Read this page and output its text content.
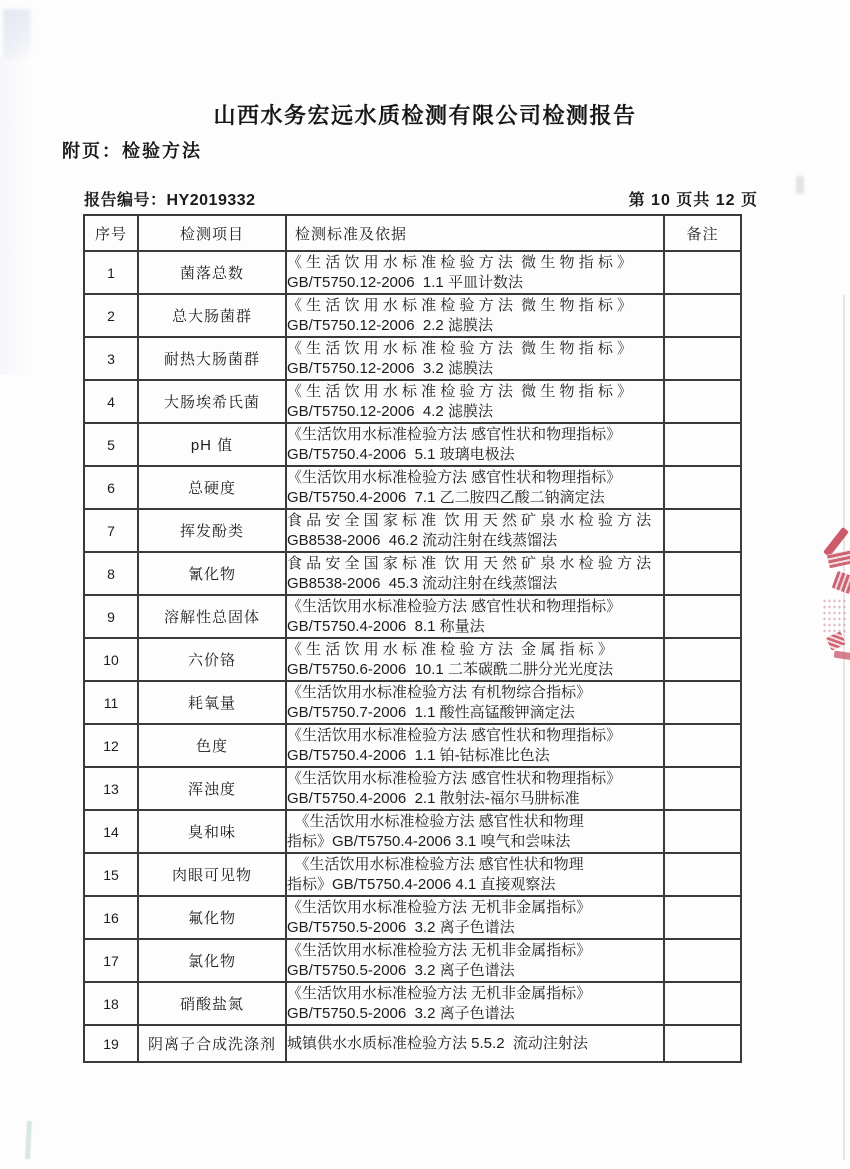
山西水务宏远水质检测有限公司检测报告
附页：检验方法
报告编号：HY2019332	第 10 页共 12 页
序号	检测项目	检测标准及依据	备注
1	菌落总数	《 生 活 饮 用 水 标 准 检 验 方 法  微 生 物 指 标 》
GB/T5750.12-2006  1.1 平皿计数法	

2	总大肠菌群	《 生 活 饮 用 水 标 准 检 验 方 法  微 生 物 指 标 》
GB/T5750.12-2006  2.2 滤膜法	

3	耐热大肠菌群	《 生 活 饮 用 水 标 准 检 验 方 法  微 生 物 指 标 》
GB/T5750.12-2006  3.2 滤膜法	

4	大肠埃希氏菌	《 生 活 饮 用 水 标 准 检 验 方 法  微 生 物 指 标 》
GB/T5750.12-2006  4.2 滤膜法	

5	pH 值	《生活饮用水标准检验方法 感官性状和物理指标》
GB/T5750.4-2006  5.1 玻璃电极法	

6	总硬度	《生活饮用水标准检验方法 感官性状和物理指标》
GB/T5750.4-2006  7.1 乙二胺四乙酸二钠滴定法	

7	挥发酚类	食 品 安 全 国 家 标 准  饮 用 天 然 矿 泉 水 检 验 方 法
GB8538-2006  46.2 流动注射在线蒸馏法	

8	氰化物	食 品 安 全 国 家 标 准  饮 用 天 然 矿 泉 水 检 验 方 法
GB8538-2006  45.3 流动注射在线蒸馏法	

9	溶解性总固体	《生活饮用水标准检验方法 感官性状和物理指标》
GB/T5750.4-2006  8.1 称量法	

10	六价铬	《 生 活 饮 用 水 标 准 检 验 方 法  金 属 指 标 》
GB/T5750.6-2006  10.1 二苯碳酰二肼分光光度法	

11	耗氧量	《生活饮用水标准检验方法 有机物综合指标》
GB/T5750.7-2006  1.1 酸性高锰酸钾滴定法	

12	色度	《生活饮用水标准检验方法 感官性状和物理指标》
GB/T5750.4-2006  1.1 铂-钴标准比色法	

13	浑浊度	《生活饮用水标准检验方法 感官性状和物理指标》
GB/T5750.4-2006  2.1 散射法-福尔马肼标准	

14	臭和味	　《生活饮用水标准检验方法 感官性状和物理
指标》GB/T5750.4-2006 3.1 嗅气和尝味法	

15	肉眼可见物	　《生活饮用水标准检验方法 感官性状和物理
指标》GB/T5750.4-2006 4.1 直接观察法	

16	氟化物	《生活饮用水标准检验方法 无机非金属指标》
GB/T5750.5-2006  3.2 离子色谱法	

17	氯化物	《生活饮用水标准检验方法 无机非金属指标》
GB/T5750.5-2006  3.2 离子色谱法	

18	硝酸盐氮	《生活饮用水标准检验方法 无机非金属指标》
GB/T5750.5-2006  3.2 离子色谱法	

19	阴离子合成洗涤剂	城镇供水水质标准检验方法 5.5.2  流动注射法	
